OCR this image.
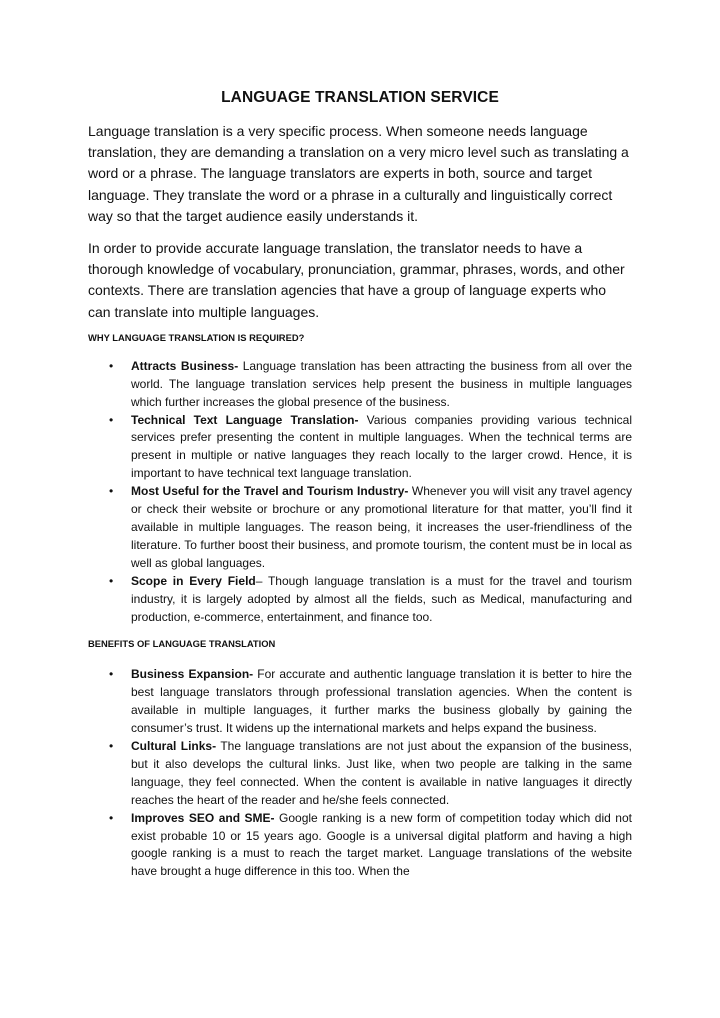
LANGUAGE TRANSLATION SERVICE

Language translation is a very specific process. When someone needs language translation, they are demanding a translation on a very micro level such as translating a word or a phrase. The language translators are experts in both, source and target language. They translate the word or a phrase in a culturally and linguistically correct way so that the target audience easily understands it.

In order to provide accurate language translation, the translator needs to have a thorough knowledge of vocabulary, pronunciation, grammar, phrases, words, and other contexts. There are translation agencies that have a group of language experts who can translate into multiple languages.

WHY LANGUAGE TRANSLATION IS REQUIRED?
• Attracts Business- Language translation has been attracting the business from all over the world. The language translation services help present the business in multiple languages which further increases the global presence of the business.
• Technical Text Language Translation- Various companies providing various technical services prefer presenting the content in multiple languages. When the technical terms are present in multiple or native languages they reach locally to the larger crowd. Hence, it is important to have technical text language translation.
• Most Useful for the Travel and Tourism Industry- Whenever you will visit any travel agency or check their website or brochure or any promotional literature for that matter, you’ll find it available in multiple languages. The reason being, it increases the user-friendliness of the literature. To further boost their business, and promote tourism, the content must be in local as well as global languages.
• Scope in Every Field– Though language translation is a must for the travel and tourism industry, it is largely adopted by almost all the fields, such as Medical, manufacturing and production, e-commerce, entertainment, and finance too.
BENEFITS OF LANGUAGE TRANSLATION
• Business Expansion- For accurate and authentic language translation it is better to hire the best language translators through professional translation agencies. When the content is available in multiple languages, it further marks the business globally by gaining the consumer’s trust. It widens up the international markets and helps expand the business.
• Cultural Links- The language translations are not just about the expansion of the business, but it also develops the cultural links. Just like, when two people are talking in the same language, they feel connected. When the content is available in native languages it directly reaches the heart of the reader and he/she feels connected.
• Improves SEO and SME- Google ranking is a new form of competition today which did not exist probable 10 or 15 years ago. Google is a universal digital platform and having a high google ranking is a must to reach the target market. Language translations of the website have brought a huge difference in this too. When the
